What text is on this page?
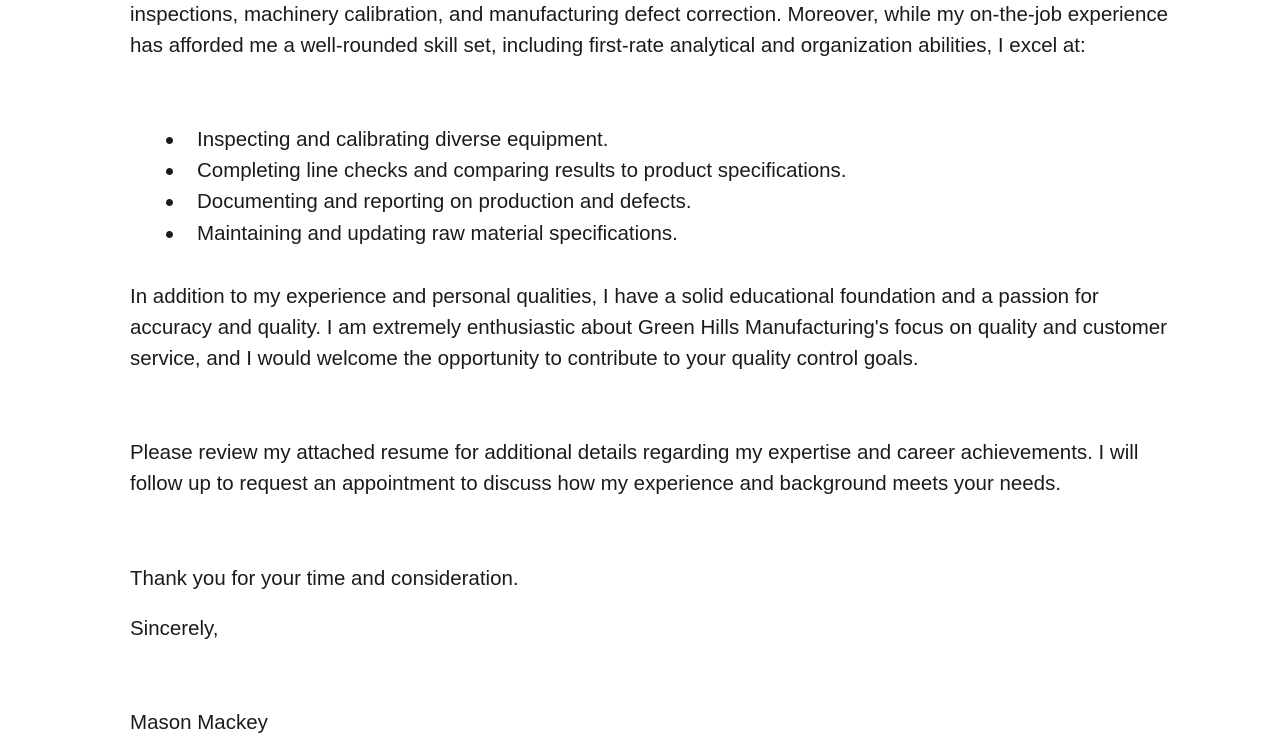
inspections, machinery calibration, and manufacturing defect correction. Moreover, while my on-the-job experience has afforded me a well-rounded skill set, including first-rate analytical and organization abilities, I excel at:

Inspecting and calibrating diverse equipment.
Completing line checks and comparing results to product specifications.
Documenting and reporting on production and defects.
Maintaining and updating raw material specifications.

In addition to my experience and personal qualities, I have a solid educational foundation and a passion for accuracy and quality. I am extremely enthusiastic about Green Hills Manufacturing's focus on quality and customer service, and I would welcome the opportunity to contribute to your quality control goals.

Please review my attached resume for additional details regarding my expertise and career achievements. I will follow up to request an appointment to discuss how my experience and background meets your needs.

Thank you for your time and consideration.

Sincerely,

Mason Mackey
